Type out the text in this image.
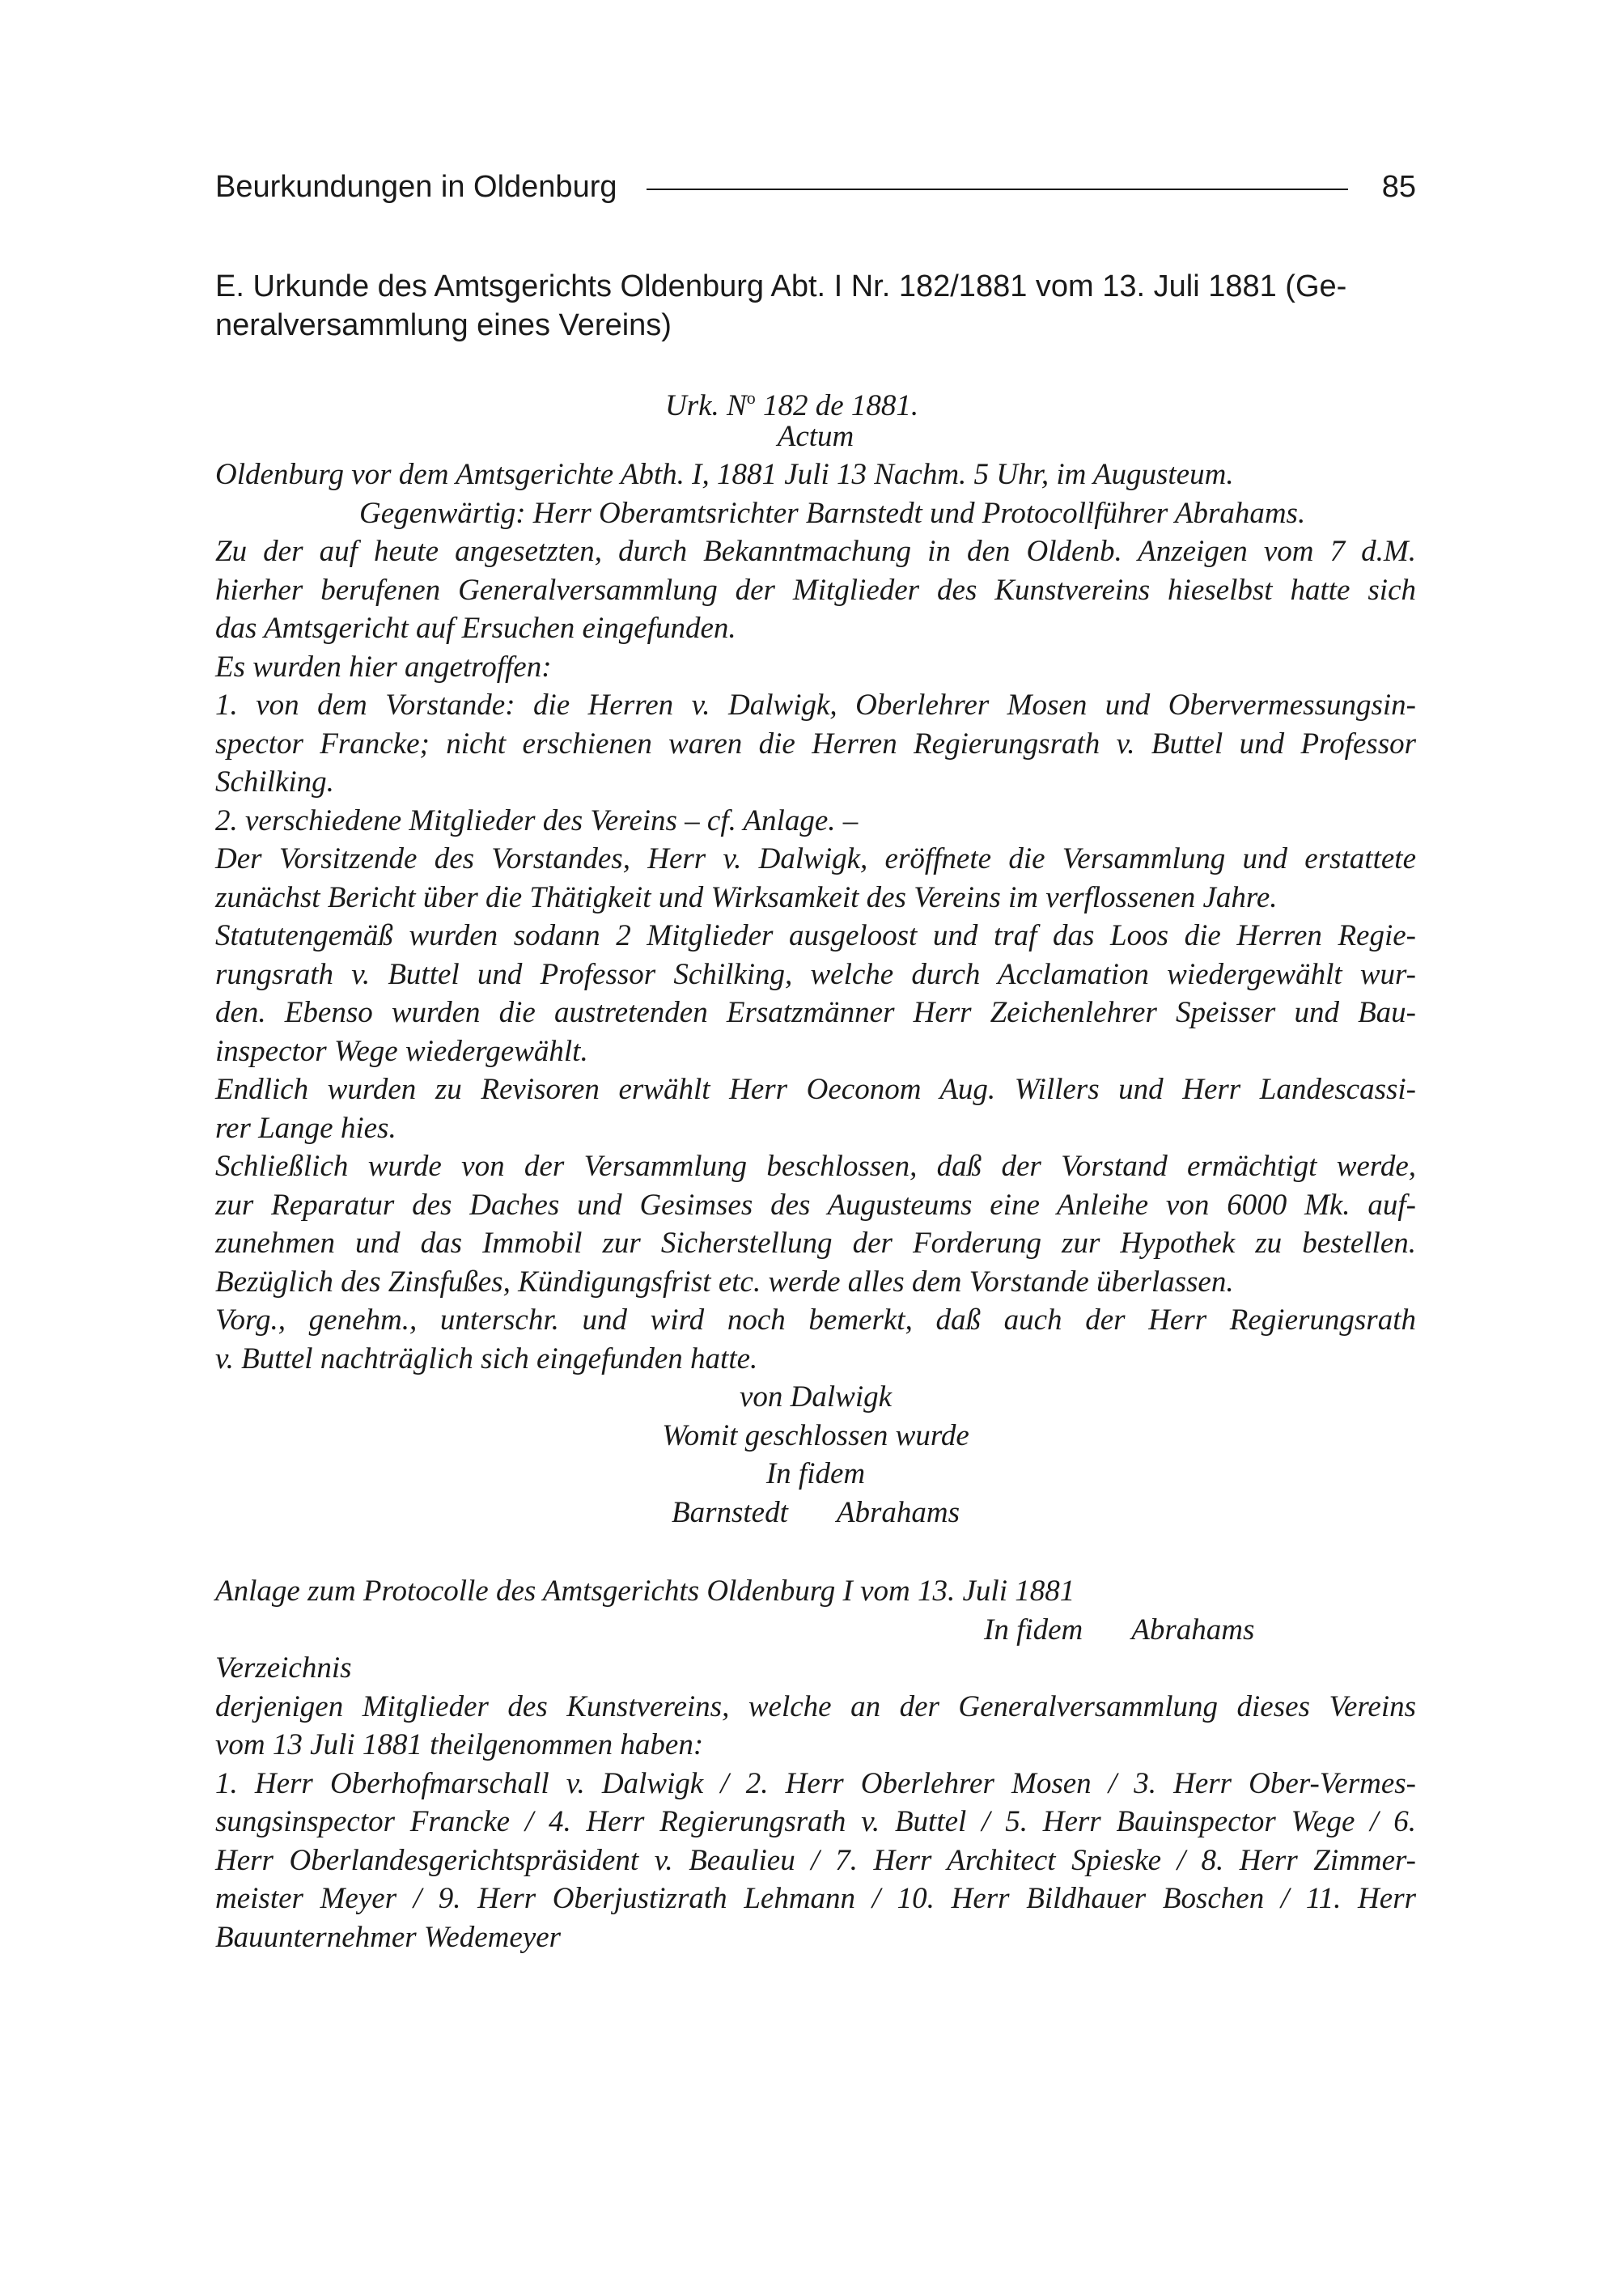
Beurkundungen in Oldenburg	85
E. Urkunde des Amtsgerichts Oldenburg Abt. I Nr. 182/1881 vom 13. Juli 1881 (Ge-
neralversammlung eines Vereins)
Urk. $N^o$ 182 de 1881.
Actum
Oldenburg vor dem Amtsgerichte Abth. I, 1881 Juli 13 Nachm. 5 Uhr, im Augusteum.
Gegenwärtig: Herr Oberamtsrichter Barnstedt und Protocollführer Abrahams.
Zu der auf heute angesetzten, durch Bekanntmachung in den Oldenb. Anzeigen vom 7 d.M.
hierher berufenen Generalversammlung der Mitglieder des Kunstvereins hieselbst hatte sich
das Amtsgericht auf Ersuchen eingefunden.
Es wurden hier angetroffen:
1. von dem Vorstande: die Herren v. Dalwigk, Oberlehrer Mosen und Obervermessungsin-
spector Francke; nicht erschienen waren die Herren Regierungsrath v. Buttel und Professor
Schilking.
2. verschiedene Mitglieder des Vereins – cf. Anlage. –
Der Vorsitzende des Vorstandes, Herr v. Dalwigk, eröffnete die Versammlung und erstattete
zunächst Bericht über die Thätigkeit und Wirksamkeit des Vereins im verflossenen Jahre.
Statutengemäß wurden sodann 2 Mitglieder ausgeloost und traf das Loos die Herren Regie-
rungsrath v. Buttel und Professor Schilking, welche durch Acclamation wiedergewählt wur-
den. Ebenso wurden die austretenden Ersatzmänner Herr Zeichenlehrer Speisser und Bau-
inspector Wege wiedergewählt.
Endlich wurden zu Revisoren erwählt Herr Oeconom Aug. Willers und Herr Landescassi-
rer Lange hies.
Schließlich wurde von der Versammlung beschlossen, daß der Vorstand ermächtigt werde,
zur Reparatur des Daches und Gesimses des Augusteums eine Anleihe von 6000 Mk. auf-
zunehmen und das Immobil zur Sicherstellung der Forderung zur Hypothek zu bestellen.
Bezüglich des Zinsfußes, Kündigungsfrist etc. werde alles dem Vorstande überlassen.
Vorg., genehm., unterschr. und wird noch bemerkt, daß auch der Herr Regierungsrath
v. Buttel nachträglich sich eingefunden hatte.
von Dalwigk
Womit geschlossen wurde
In fidem
Barnstedt Abrahams
Anlage zum Protocolle des Amtsgerichts Oldenburg I vom 13. Juli 1881
In fidem Abrahams
Verzeichnis
derjenigen Mitglieder des Kunstvereins, welche an der Generalversammlung dieses Vereins
vom 13 Juli 1881 theilgenommen haben:
1. Herr Oberhofmarschall v. Dalwigk / 2. Herr Oberlehrer Mosen / 3. Herr Ober-Vermes-
sungsinspector Francke / 4. Herr Regierungsrath v. Buttel / 5. Herr Bauinspector Wege / 6.
Herr Oberlandesgerichtspräsident v. Beaulieu / 7. Herr Architect Spieske / 8. Herr Zimmer-
meister Meyer / 9. Herr Oberjustizrath Lehmann / 10. Herr Bildhauer Boschen / 11. Herr
Bauunternehmer Wedemeyer
